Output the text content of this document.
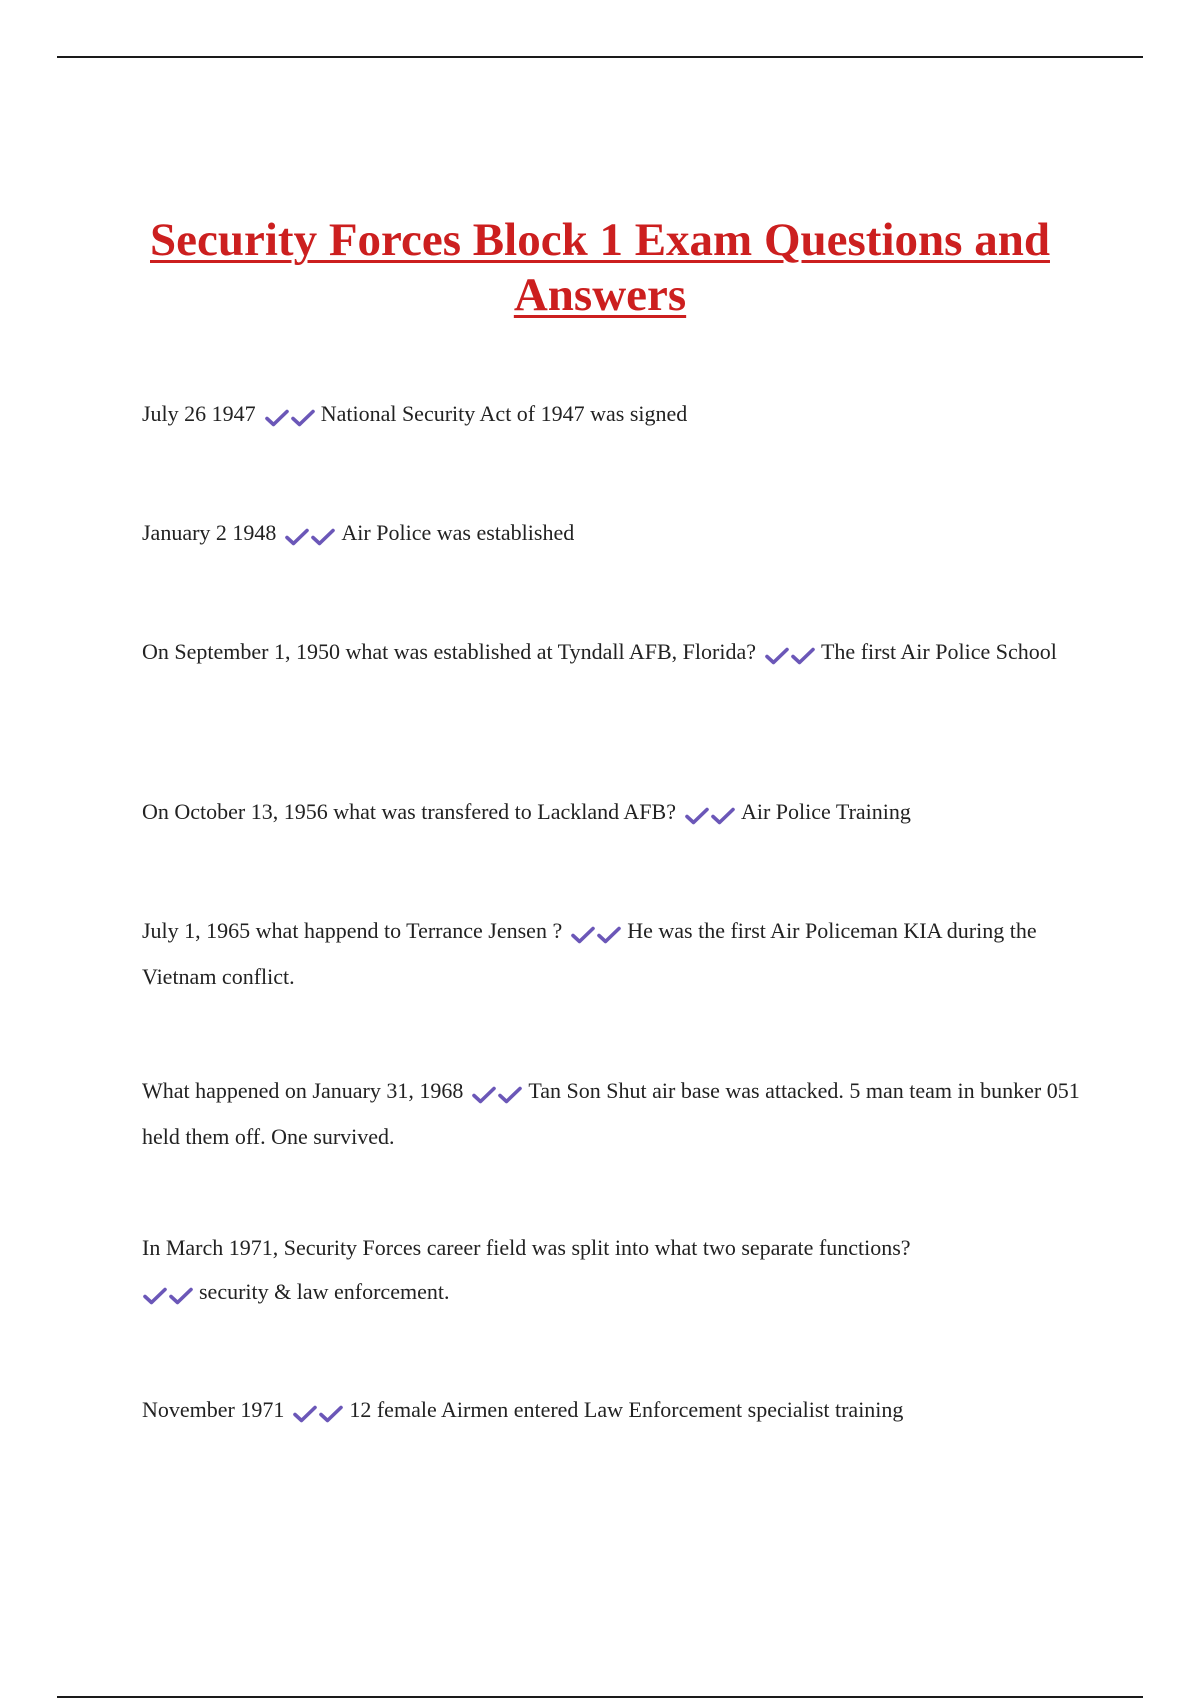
Security Forces Block 1 Exam Questions and Answers

July 26 1947	National Security Act of 1947 was signed

January 2 1948	Air Police was established

On September 1, 1950 what was established at Tyndall AFB, Florida?	The first Air Police School

On October 13, 1956 what was transfered to Lackland AFB?	Air Police Training

July 1, 1965 what happend to Terrance Jensen ?	He was the first Air Policeman KIA during the Vietnam conflict.

What happened on January 31, 1968	Tan Son Shut air base was attacked. 5 man team in bunker 051 held them off. One survived.

In March 1971, Security Forces career field was split into what two separate functions?

security & law enforcement.

November 1971	12 female Airmen entered Law Enforcement specialist training
